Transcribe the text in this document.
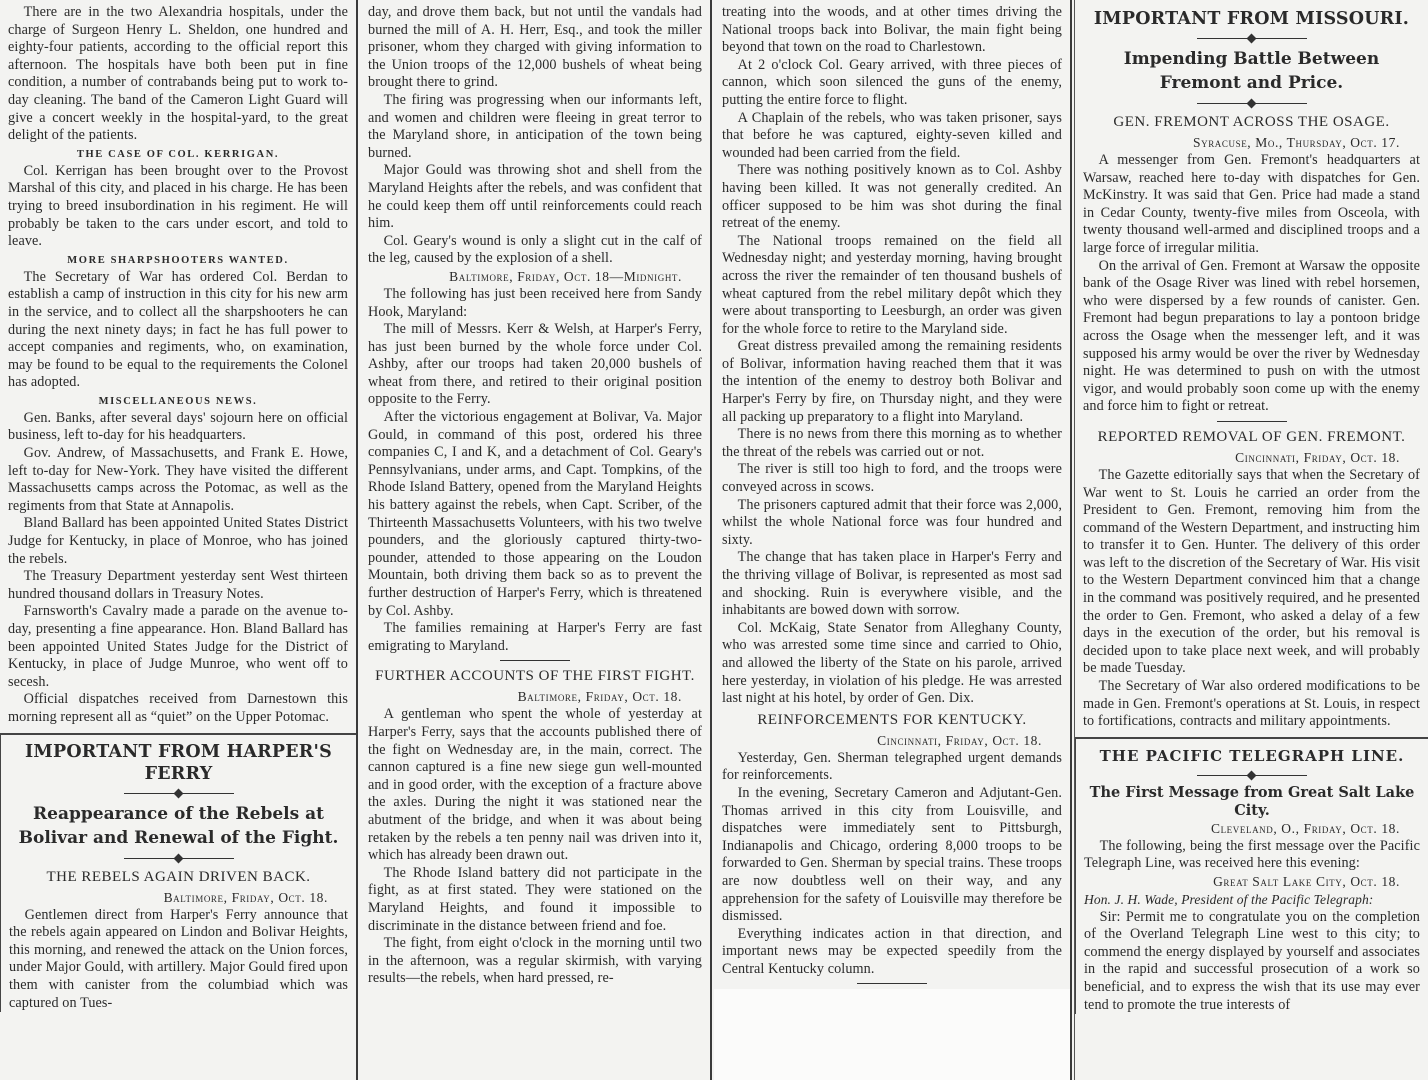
There are in the two Alexandria hospitals, under the charge of Surgeon Henry L. Sheldon, one hundred and eighty-four patients, according to the official report this afternoon. The hospitals have both been put in fine condition, a number of contrabands being put to work to-day cleaning. The band of the Cameron Light Guard will give a concert weekly in the hospital-yard, to the great delight of the patients.

THE CASE OF COL. KERRIGAN.

Col. Kerrigan has been brought over to the Provost Marshal of this city, and placed in his charge. He has been trying to breed insubordination in his regiment. He will probably be taken to the cars under escort, and told to leave.

MORE SHARPSHOOTERS WANTED.

The Secretary of War has ordered Col. Berdan to establish a camp of instruction in this city for his new arm in the service, and to collect all the sharpshooters he can during the next ninety days; in fact he has full power to accept companies and regiments, who, on examination, may be found to be equal to the requirements the Colonel has adopted.

MISCELLANEOUS NEWS.

Gen. Banks, after several days' sojourn here on official business, left to-day for his headquarters.

Gov. Andrew, of Massachusetts, and Frank E. Howe, left to-day for New-York. They have visited the different Massachusetts camps across the Potomac, as well as the regiments from that State at Annapolis.

Bland Ballard has been appointed United States District Judge for Kentucky, in place of Monroe, who has joined the rebels.

The Treasury Department yesterday sent West thirteen hundred thousand dollars in Treasury Notes.

Farnsworth's Cavalry made a parade on the avenue to-day, presenting a fine appearance. Hon. Bland Ballard has been appointed United States Judge for the District of Kentucky, in place of Judge Munroe, who went off to secesh.

Official dispatches received from Darnestown this morning represent all as “quiet” on the Upper Potomac.

IMPORTANT FROM HARPER'S FERRY
Reappearance of the Rebels at Bolivar and Renewal of the Fight.
THE REBELS AGAIN DRIVEN BACK.
Baltimore, Friday, Oct. 18.

Gentlemen direct from Harper's Ferry announce that the rebels again appeared on Lindon and Bolivar Heights, this morning, and renewed the attack on the Union forces, under Major Gould, with artillery. Major Gould fired upon them with canister from the columbiad which was captured on Tues-

day, and drove them back, but not until the vandals had burned the mill of A. H. Herr, Esq., and took the miller prisoner, whom they charged with giving information to the Union troops of the 12,000 bushels of wheat being brought there to grind.

The firing was progressing when our informants left, and women and children were fleeing in great terror to the Maryland shore, in anticipation of the town being burned.

Major Gould was throwing shot and shell from the Maryland Heights after the rebels, and was confident that he could keep them off until reinforcements could reach him.

Col. Geary's wound is only a slight cut in the calf of the leg, caused by the explosion of a shell.

Baltimore, Friday, Oct. 18—Midnight.

The following has just been received here from Sandy Hook, Maryland:

The mill of Messrs. Kerr & Welsh, at Harper's Ferry, has just been burned by the whole force under Col. Ashby, after our troops had taken 20,000 bushels of wheat from there, and retired to their original position opposite to the Ferry.

After the victorious engagement at Bolivar, Va. Major Gould, in command of this post, ordered his three companies C, I and K, and a detachment of Col. Geary's Pennsylvanians, under arms, and Capt. Tompkins, of the Rhode Island Battery, opened from the Maryland Heights his battery against the rebels, when Capt. Scriber, of the Thirteenth Massachusetts Volunteers, with his two twelve pounders, and the gloriously captured thirty-two-pounder, attended to those appearing on the Loudon Mountain, both driving them back so as to prevent the further destruction of Harper's Ferry, which is threatened by Col. Ashby.

The families remaining at Harper's Ferry are fast emigrating to Maryland.

FURTHER ACCOUNTS OF THE FIRST FIGHT.
Baltimore, Friday, Oct. 18.

A gentleman who spent the whole of yesterday at Harper's Ferry, says that the accounts published there of the fight on Wednesday are, in the main, correct. The cannon captured is a fine new siege gun well-mounted and in good order, with the exception of a fracture above the axles. During the night it was stationed near the abutment of the bridge, and when it was about being retaken by the rebels a ten penny nail was driven into it, which has already been drawn out.

The Rhode Island battery did not participate in the fight, as at first stated. They were stationed on the Maryland Heights, and found it impossible to discriminate in the distance between friend and foe.

The fight, from eight o'clock in the morning until two in the afternoon, was a regular skirmish, with varying results—the rebels, when hard pressed, re-

treating into the woods, and at other times driving the National troops back into Bolivar, the main fight being beyond that town on the road to Charlestown.

At 2 o'clock Col. Geary arrived, with three pieces of cannon, which soon silenced the guns of the enemy, putting the entire force to flight.

A Chaplain of the rebels, who was taken prisoner, says that before he was captured, eighty-seven killed and wounded had been carried from the field.

There was nothing positively known as to Col. Ashby having been killed. It was not generally credited. An officer supposed to be him was shot during the final retreat of the enemy.

The National troops remained on the field all Wednesday night; and yesterday morning, having brought across the river the remainder of ten thousand bushels of wheat captured from the rebel military depôt which they were about transporting to Leesburgh, an order was given for the whole force to retire to the Maryland side.

Great distress prevailed among the remaining residents of Bolivar, information having reached them that it was the intention of the enemy to destroy both Bolivar and Harper's Ferry by fire, on Thursday night, and they were all packing up preparatory to a flight into Maryland.

There is no news from there this morning as to whether the threat of the rebels was carried out or not.

The river is still too high to ford, and the troops were conveyed across in scows.

The prisoners captured admit that their force was 2,000, whilst the whole National force was four hundred and sixty.

The change that has taken place in Harper's Ferry and the thriving village of Bolivar, is represented as most sad and shocking. Ruin is everywhere visible, and the inhabitants are bowed down with sorrow.

Col. McKaig, State Senator from Alleghany County, who was arrested some time since and carried to Ohio, and allowed the liberty of the State on his parole, arrived here yesterday, in violation of his pledge. He was arrested last night at his hotel, by order of Gen. Dix.

REINFORCEMENTS FOR KENTUCKY.
Cincinnati, Friday, Oct. 18.

Yesterday, Gen. Sherman telegraphed urgent demands for reinforcements.

In the evening, Secretary Cameron and Adjutant-Gen. Thomas arrived in this city from Louisville, and dispatches were immediately sent to Pittsburgh, Indianapolis and Chicago, ordering 8,000 troops to be forwarded to Gen. Sherman by special trains. These troops are now doubtless well on their way, and any apprehension for the safety of Louisville may therefore be dismissed.

Everything indicates action in that direction, and important news may be expected speedily from the Central Kentucky column.

IMPORTANT FROM MISSOURI.
Impending Battle Between Fremont and Price.
GEN. FREMONT ACROSS THE OSAGE.
Syracuse, Mo., Thursday, Oct. 17.

A messenger from Gen. Fremont's headquarters at Warsaw, reached here to-day with dispatches for Gen. McKinstry. It was said that Gen. Price had made a stand in Cedar County, twenty-five miles from Osceola, with twenty thousand well-armed and disciplined troops and a large force of irregular militia.

On the arrival of Gen. Fremont at Warsaw the opposite bank of the Osage River was lined with rebel horsemen, who were dispersed by a few rounds of canister. Gen. Fremont had begun preparations to lay a pontoon bridge across the Osage when the messenger left, and it was supposed his army would be over the river by Wednesday night. He was determined to push on with the utmost vigor, and would probably soon come up with the enemy and force him to fight or retreat.

REPORTED REMOVAL OF GEN. FREMONT.
Cincinnati, Friday, Oct. 18.

The Gazette editorially says that when the Secretary of War went to St. Louis he carried an order from the President to Gen. Fremont, removing him from the command of the Western Department, and instructing him to transfer it to Gen. Hunter. The delivery of this order was left to the discretion of the Secretary of War. His visit to the Western Department convinced him that a change in the command was positively required, and he presented the order to Gen. Fremont, who asked a delay of a few days in the execution of the order, but his removal is decided upon to take place next week, and will probably be made Tuesday.

The Secretary of War also ordered modifications to be made in Gen. Fremont's operations at St. Louis, in respect to fortifications, contracts and military appointments.

THE PACIFIC TELEGRAPH LINE.
The First Message from Great Salt Lake City.
Cleveland, O., Friday, Oct. 18.

The following, being the first message over the Pacific Telegraph Line, was received here this evening:

Great Salt Lake City, Oct. 18.

Hon. J. H. Wade, President of the Pacific Telegraph:

Sir: Permit me to congratulate you on the completion of the Overland Telegraph Line west to this city; to commend the energy displayed by yourself and associates in the rapid and successful prosecution of a work so beneficial, and to express the wish that its use may ever tend to promote the true interests of
